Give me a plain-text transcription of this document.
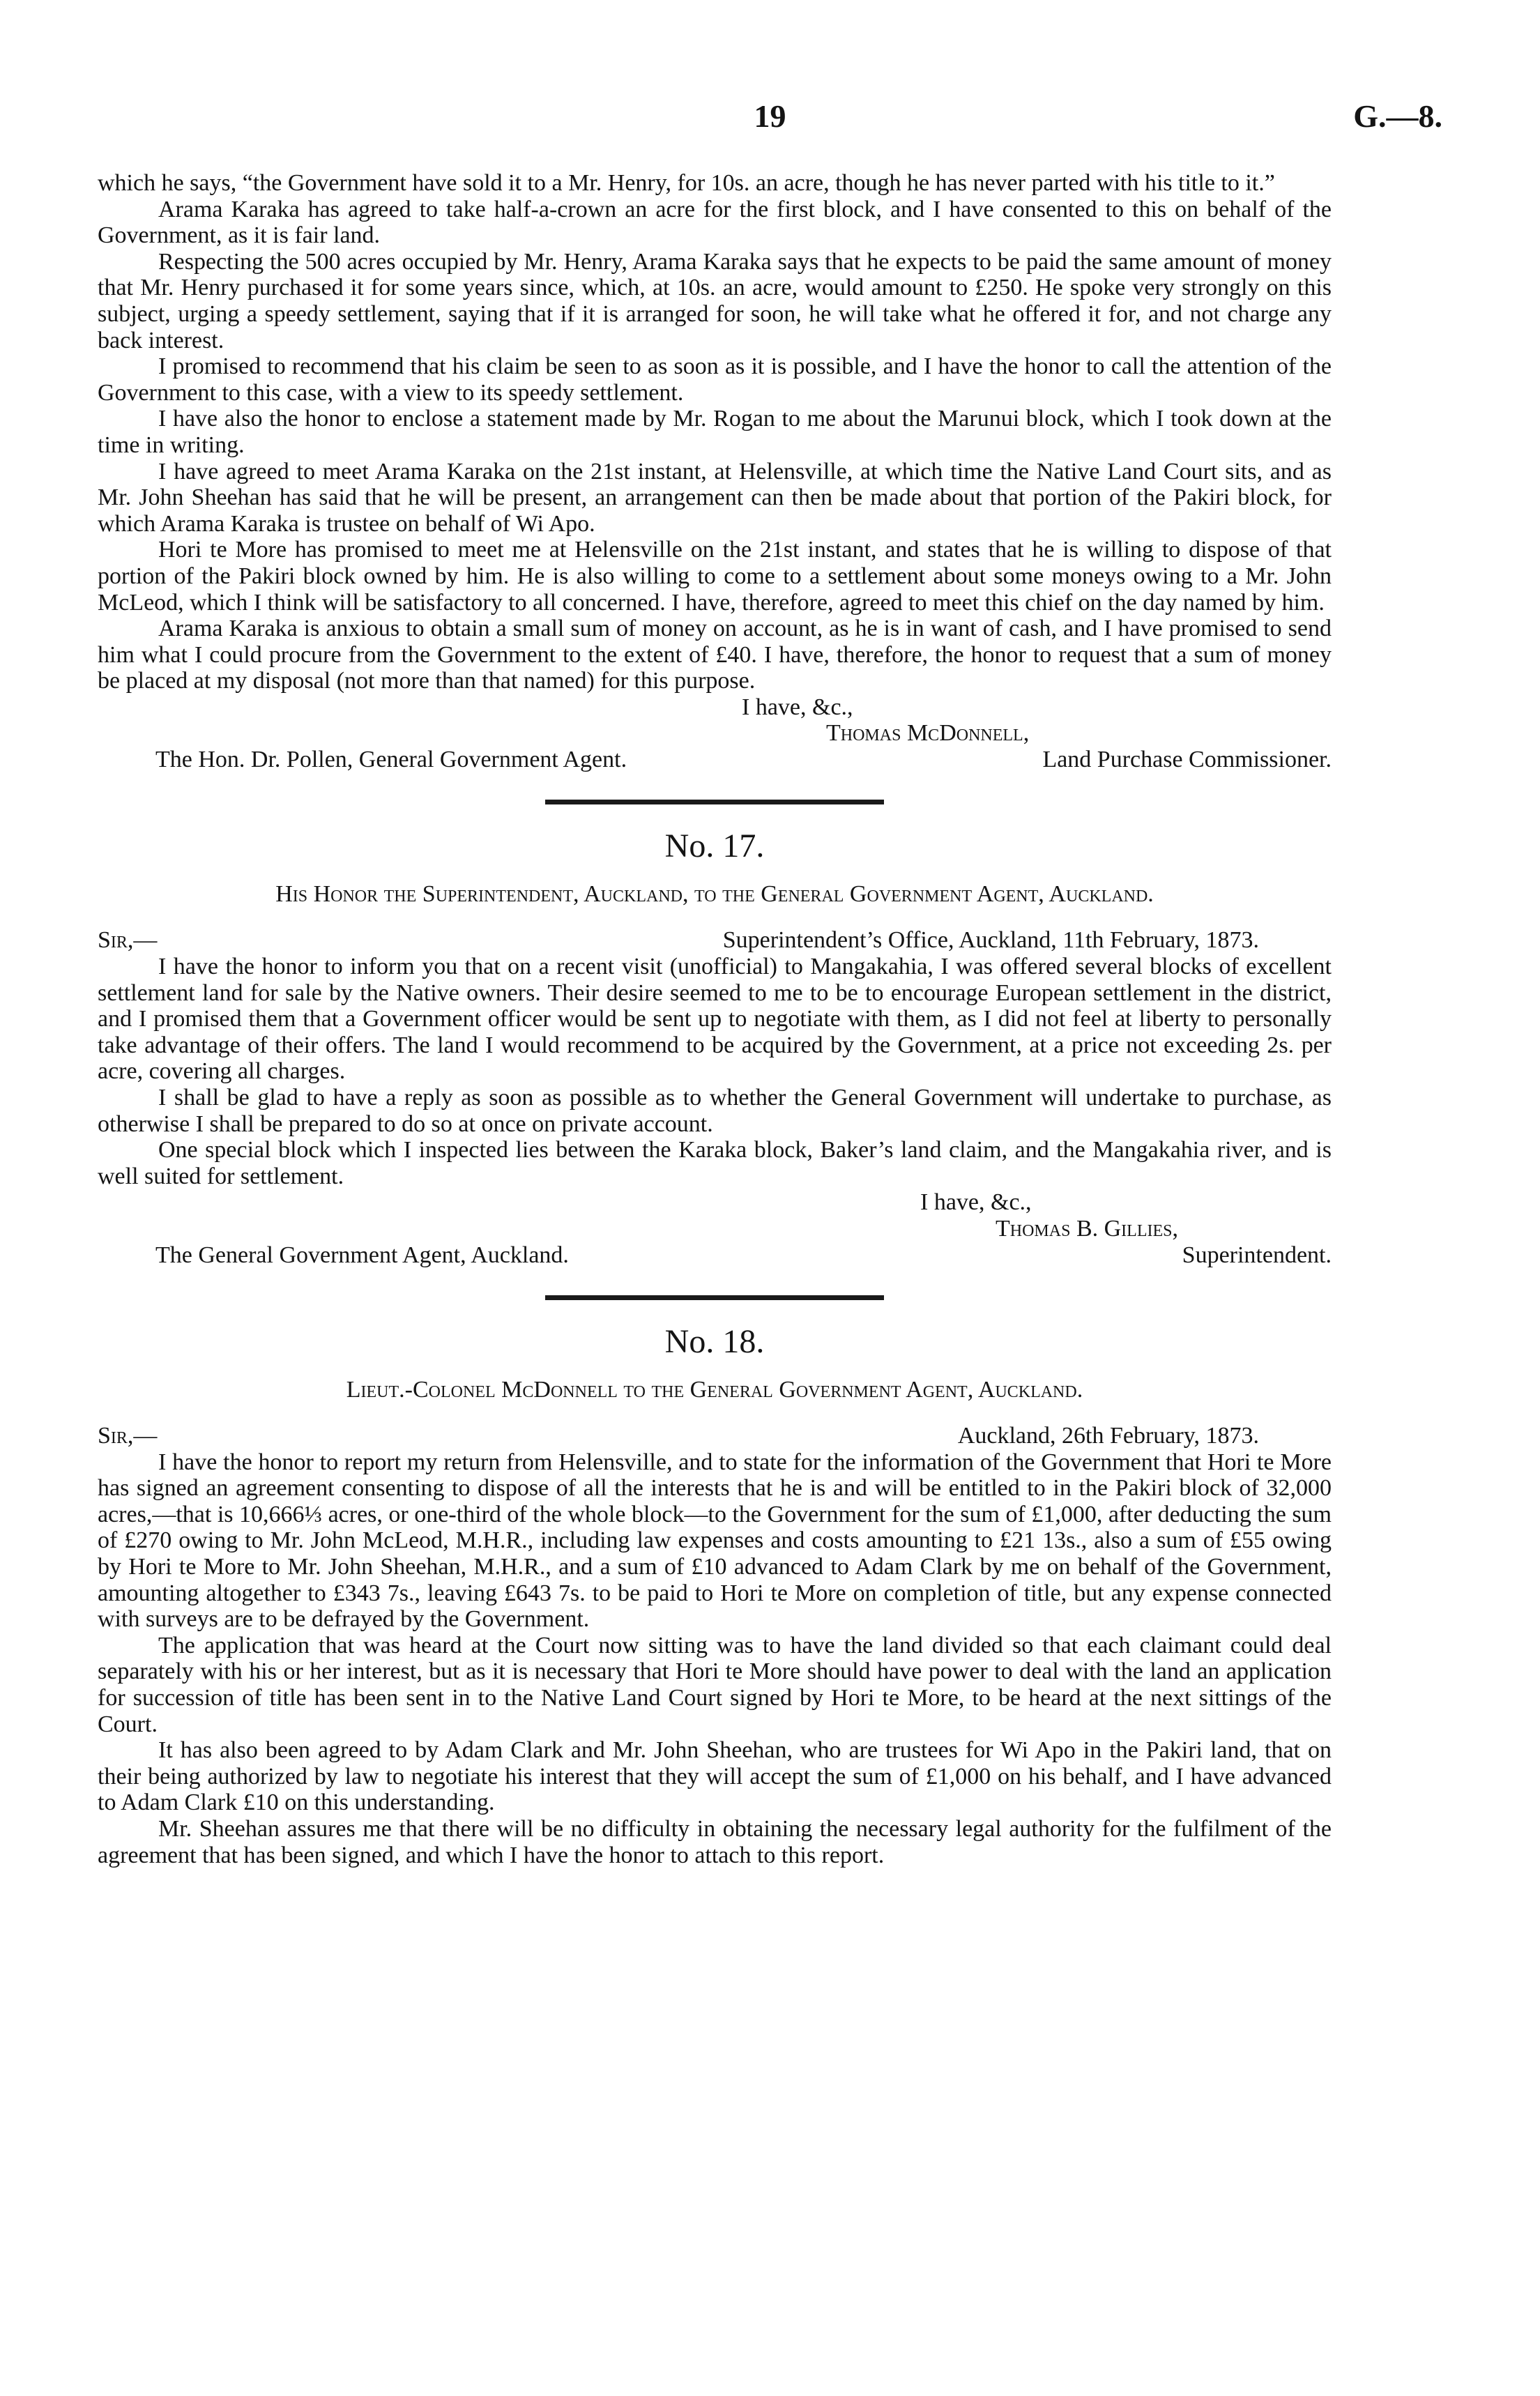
19	G.—8.

which he says, “the Government have sold it to a Mr. Henry, for 10s. an acre, though he has never parted with his title to it.”

Arama Karaka has agreed to take half-a-crown an acre for the first block, and I have consented to this on behalf of the Government, as it is fair land.

Respecting the 500 acres occupied by Mr. Henry, Arama Karaka says that he expects to be paid the same amount of money that Mr. Henry purchased it for some years since, which, at 10s. an acre, would amount to £250. He spoke very strongly on this subject, urging a speedy settlement, saying that if it is arranged for soon, he will take what he offered it for, and not charge any back interest.

I promised to recommend that his claim be seen to as soon as it is possible, and I have the honor to call the attention of the Government to this case, with a view to its speedy settlement.

I have also the honor to enclose a statement made by Mr. Rogan to me about the Marunui block, which I took down at the time in writing.

I have agreed to meet Arama Karaka on the 21st instant, at Helensville, at which time the Native Land Court sits, and as Mr. John Sheehan has said that he will be present, an arrangement can then be made about that portion of the Pakiri block, for which Arama Karaka is trustee on behalf of Wi Apo.

Hori te More has promised to meet me at Helensville on the 21st instant, and states that he is willing to dispose of that portion of the Pakiri block owned by him. He is also willing to come to a settlement about some moneys owing to a Mr. John McLeod, which I think will be satisfactory to all concerned. I have, therefore, agreed to meet this chief on the day named by him.

Arama Karaka is anxious to obtain a small sum of money on account, as he is in want of cash, and I have promised to send him what I could procure from the Government to the extent of £40. I have, therefore, the honor to request that a sum of money be placed at my disposal (not more than that named) for this purpose.

I have, &c.,
Thomas McDonnell,
The Hon. Dr. Pollen, General Government Agent.	Land Purchase Commissioner.
No. 17.
His Honor the Superintendent, Auckland, to the General Government Agent, Auckland.
Sir,—	Superintendent’s Office, Auckland, 11th February, 1873.

I have the honor to inform you that on a recent visit (unofficial) to Mangakahia, I was offered several blocks of excellent settlement land for sale by the Native owners. Their desire seemed to me to be to encourage European settlement in the district, and I promised them that a Government officer would be sent up to negotiate with them, as I did not feel at liberty to personally take advantage of their offers. The land I would recommend to be acquired by the Government, at a price not exceeding 2s. per acre, covering all charges.

I shall be glad to have a reply as soon as possible as to whether the General Government will undertake to purchase, as otherwise I shall be prepared to do so at once on private account.

One special block which I inspected lies between the Karaka block, Baker’s land claim, and the Mangakahia river, and is well suited for settlement.

I have, &c.,
Thomas B. Gillies,
The General Government Agent, Auckland.	Superintendent.
No. 18.
Lieut.-Colonel McDonnell to the General Government Agent, Auckland.
Sir,—	Auckland, 26th February, 1873.

I have the honor to report my return from Helensville, and to state for the information of the Government that Hori te More has signed an agreement consenting to dispose of all the interests that he is and will be entitled to in the Pakiri block of 32,000 acres,—that is 10,666⅓ acres, or one-third of the whole block—to the Government for the sum of £1,000, after deducting the sum of £270 owing to Mr. John McLeod, M.H.R., including law expenses and costs amounting to £21 13s., also a sum of £55 owing by Hori te More to Mr. John Sheehan, M.H.R., and a sum of £10 advanced to Adam Clark by me on behalf of the Government, amounting altogether to £343 7s., leaving £643 7s. to be paid to Hori te More on completion of title, but any expense connected with surveys are to be defrayed by the Government.

The application that was heard at the Court now sitting was to have the land divided so that each claimant could deal separately with his or her interest, but as it is necessary that Hori te More should have power to deal with the land an application for succession of title has been sent in to the Native Land Court signed by Hori te More, to be heard at the next sittings of the Court.

It has also been agreed to by Adam Clark and Mr. John Sheehan, who are trustees for Wi Apo in the Pakiri land, that on their being authorized by law to negotiate his interest that they will accept the sum of £1,000 on his behalf, and I have advanced to Adam Clark £10 on this understanding.

Mr. Sheehan assures me that there will be no difficulty in obtaining the necessary legal authority for the fulfilment of the agreement that has been signed, and which I have the honor to attach to this report.
